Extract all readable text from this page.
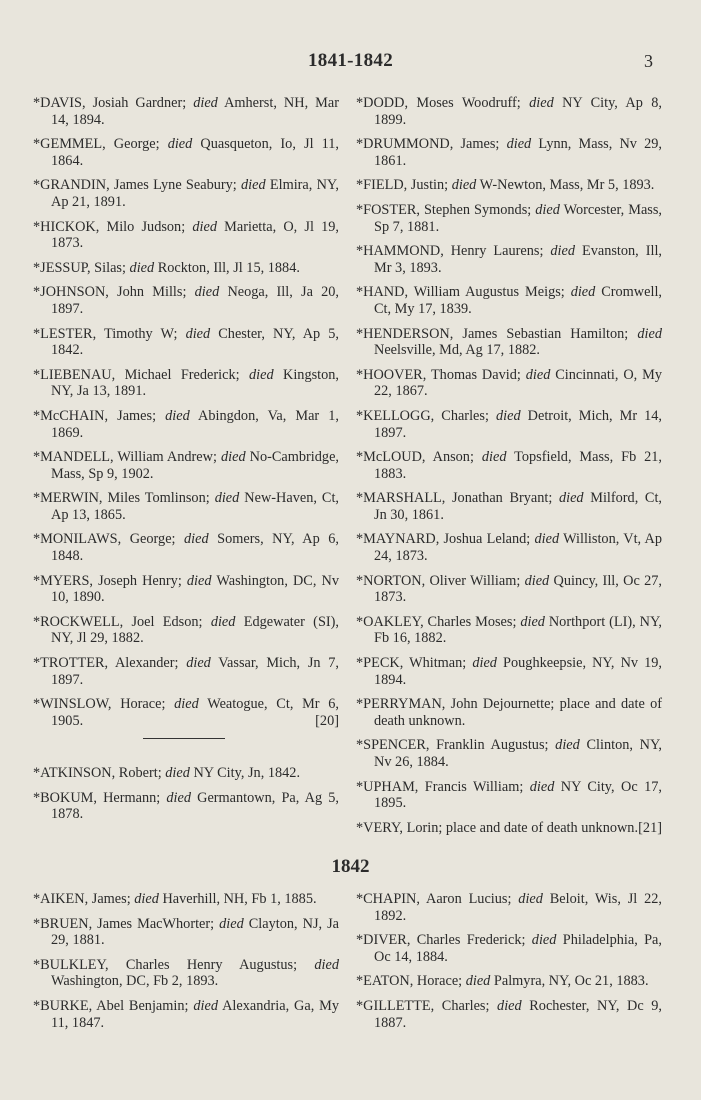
1841-1842	3
*DAVIS, Josiah Gardner; died Amherst, NH, Mar 14, 1894.
*GEMMEL, George; died Quasqueton, Io, Jl 11, 1864.
*GRANDIN, James Lyne Seabury; died Elmira, NY, Ap 21, 1891.
*HICKOK, Milo Judson; died Marietta, O, Jl 19, 1873.
*JESSUP, Silas; died Rockton, Ill, Jl 15, 1884.
*JOHNSON, John Mills; died Neoga, Ill, Ja 20, 1897.
*LESTER, Timothy W; died Chester, NY, Ap 5, 1842.
*LIEBENAU, Michael Frederick; died Kingston, NY, Ja 13, 1891.
*McCHAIN, James; died Abingdon, Va, Mar 1, 1869.
*MANDELL, William Andrew; died No-Cambridge, Mass, Sp 9, 1902.
*MERWIN, Miles Tomlinson; died New-Haven, Ct, Ap 13, 1865.
*MONILAWS, George; died Somers, NY, Ap 6, 1848.
*MYERS, Joseph Henry; died Washington, DC, Nv 10, 1890.
*ROCKWELL, Joel Edson; died Edgewater (SI), NY, Jl 29, 1882.
*TROTTER, Alexander; died Vassar, Mich, Jn 7, 1897.
*WINSLOW, Horace; died Weatogue, Ct, Mr 6, 1905.	[20]
*ATKINSON, Robert; died NY City, Jn, 1842.
*BOKUM, Hermann; died Germantown, Pa, Ag 5, 1878.
*DODD, Moses Woodruff; died NY City, Ap 8, 1899.
*DRUMMOND, James; died Lynn, Mass, Nv 29, 1861.
*FIELD, Justin; died W-Newton, Mass, Mr 5, 1893.
*FOSTER, Stephen Symonds; died Worcester, Mass, Sp 7, 1881.
*HAMMOND, Henry Laurens; died Evanston, Ill, Mr 3, 1893.
*HAND, William Augustus Meigs; died Cromwell, Ct, My 17, 1839.
*HENDERSON, James Sebastian Hamilton; died Neelsville, Md, Ag 17, 1882.
*HOOVER, Thomas David; died Cincinnati, O, My 22, 1867.
*KELLOGG, Charles; died Detroit, Mich, Mr 14, 1897.
*McLOUD, Anson; died Topsfield, Mass, Fb 21, 1883.
*MARSHALL, Jonathan Bryant; died Milford, Ct, Jn 30, 1861.
*MAYNARD, Joshua Leland; died Williston, Vt, Ap 24, 1873.
*NORTON, Oliver William; died Quincy, Ill, Oc 27, 1873.
*OAKLEY, Charles Moses; died Northport (LI), NY, Fb 16, 1882.
*PECK, Whitman; died Poughkeepsie, NY, Nv 19, 1894.
*PERRYMAN, John Dejournette; place and date of death unknown.
*SPENCER, Franklin Augustus; died Clinton, NY, Nv 26, 1884.
*UPHAM, Francis William; died NY City, Oc 17, 1895.
*VERY, Lorin; place and date of death unknown. [21]
1842
*AIKEN, James; died Haverhill, NH, Fb 1, 1885.
*BRUEN, James MacWhorter; died Clayton, NJ, Ja 29, 1881.
*BULKLEY, Charles Henry Augustus; died Washington, DC, Fb 2, 1893.
*BURKE, Abel Benjamin; died Alexandria, Ga, My 11, 1847.
*CHAPIN, Aaron Lucius; died Beloit, Wis, Jl 22, 1892.
*DIVER, Charles Frederick; died Philadelphia, Pa, Oc 14, 1884.
*EATON, Horace; died Palmyra, NY, Oc 21, 1883.
*GILLETTE, Charles; died Rochester, NY, Dc 9, 1887.
